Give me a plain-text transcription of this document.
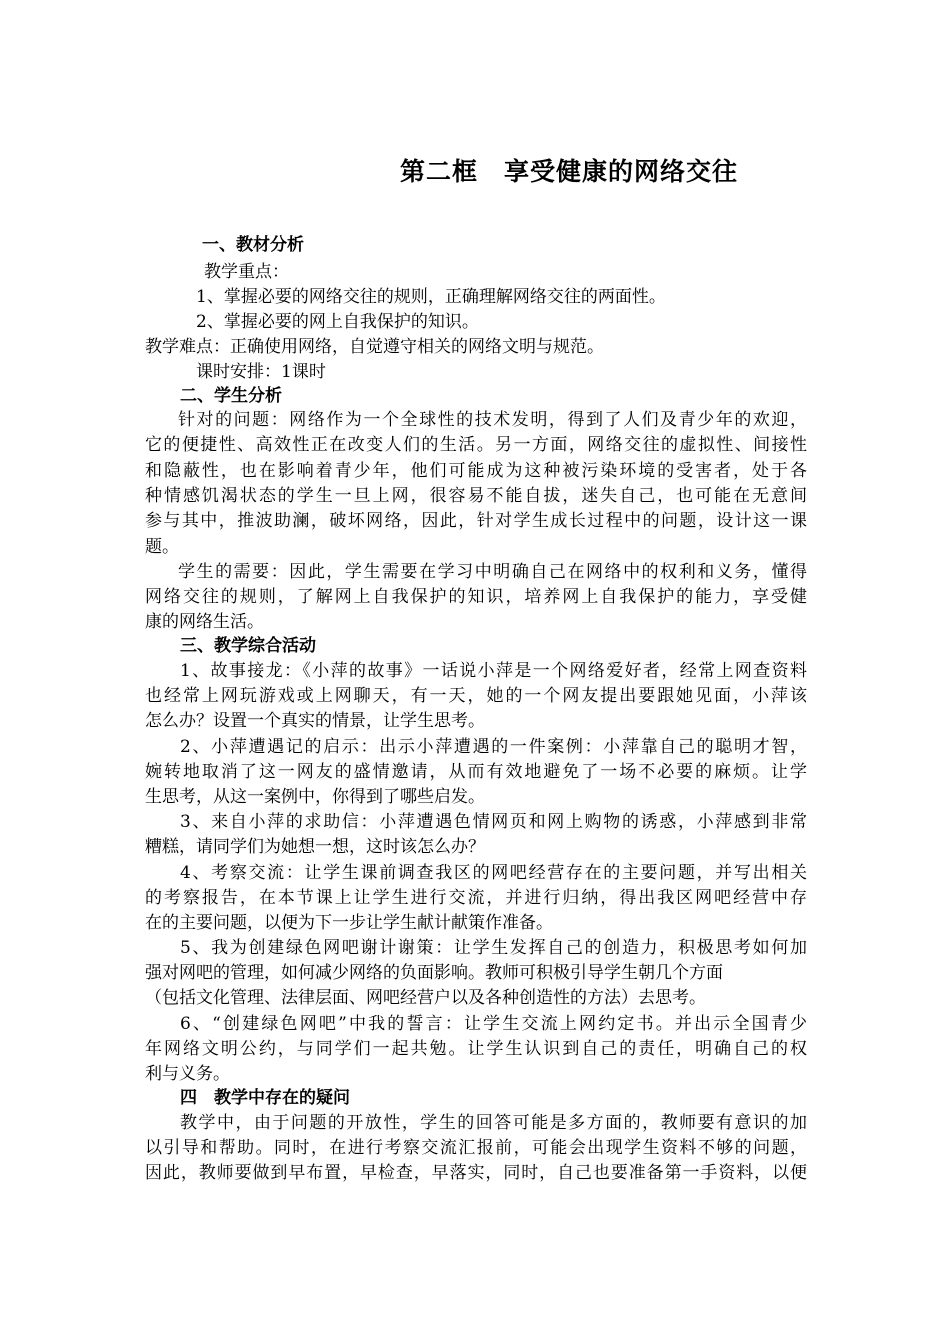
第二框　享受健康的网络交往
一、教材分析
教学重点：
1、掌握必要的网络交往的规则，正确理解网络交往的两面性。
2、掌握必要的网上自我保护的知识。
教学难点：正确使用网络，自觉遵守相关的网络文明与规范。
课时安排：1课时
二、学生分析
针对的问题：网络作为一个全球性的技术发明，得到了人们及青少年的欢迎，
它的便捷性、高效性正在改变人们的生活。另一方面，网络交往的虚拟性、间接性
和隐蔽性，也在影响着青少年，他们可能成为这种被污染环境的受害者，处于各
种情感饥渴状态的学生一旦上网，很容易不能自拔，迷失自己，也可能在无意间
参与其中，推波助澜，破坏网络，因此，针对学生成长过程中的问题，设计这一课
题。
学生的需要：因此，学生需要在学习中明确自己在网络中的权利和义务，懂得
网络交往的规则，了解网上自我保护的知识，培养网上自我保护的能力，享受健
康的网络生活。
三、教学综合活动
1、故事接龙：《小萍的故事》一话说小萍是一个网络爱好者，经常上网查资料
也经常上网玩游戏或上网聊天，有一天，她的一个网友提出要跟她见面，小萍该
怎么办？设置一个真实的情景，让学生思考。
2、小萍遭遇记的启示：出示小萍遭遇的一件案例：小萍靠自己的聪明才智，
婉转地取消了这一网友的盛情邀请，从而有效地避免了一场不必要的麻烦。让学
生思考，从这一案例中，你得到了哪些启发。
3、来自小萍的求助信：小萍遭遇色情网页和网上购物的诱惑，小萍感到非常
糟糕，请同学们为她想一想，这时该怎么办？
4、考察交流：让学生课前调查我区的网吧经营存在的主要问题，并写出相关
的考察报告，在本节课上让学生进行交流，并进行归纳，得出我区网吧经营中存
在的主要问题，以便为下一步让学生献计献策作准备。
5、我为创建绿色网吧谢计谢策：让学生发挥自己的创造力，积极思考如何加
强对网吧的管理，如何减少网络的负面影响。教师可积极引导学生朝几个方面
（包括文化管理、法律层面、网吧经营户以及各种创造性的方法）去思考。
6、“创建绿色网吧”中我的誓言：让学生交流上网约定书。并出示全国青少
年网络文明公约，与同学们一起共勉。让学生认识到自己的责任，明确自己的权
利与义务。
四　教学中存在的疑问
教学中，由于问题的开放性，学生的回答可能是多方面的，教师要有意识的加
以引导和帮助。同时，在进行考察交流汇报前，可能会出现学生资料不够的问题，
因此，教师要做到早布置，早检查，早落实，同时，自己也要准备第一手资料，以便
